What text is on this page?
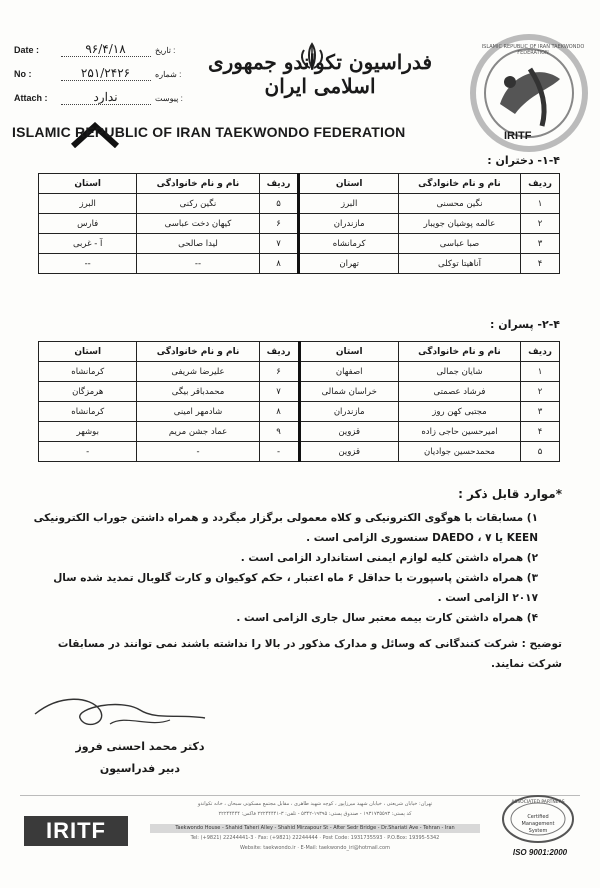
Date :	۹۶/۴/۱۸	تاریخ :
No :	۲۵۱/۲۴۲۶	شماره :
Attach :	ندارد	پیوست :
فدراسیون تکواندو جمهوری اسلامی ایران
IRITF
ISLAMIC REPUBLIC OF IRAN TAEKWONDO FEDERATION
ISLAMIC REPUBLIC OF IRAN TAEKWONDO FEDERATION
۱-۴- دختران :
ردیف	نام و نام خانوادگی	استان	ردیف	نام و نام خانوادگی	استان
۱	نگین محسنی	البرز	۵	نگین رکنی	البرز
۲	عالمه پوشیان جویبار	مازندران	۶	کیهان دخت عباسی	فارس
۳	صبا عباسی	کرمانشاه	۷	لیدا صالحی	آ - غربی
۴	آناهیتا توکلی	تهران	۸	--	--
۲-۴- پسران :
ردیف	نام و نام خانوادگی	استان	ردیف	نام و نام خانوادگی	استان
۱	شایان جمالی	اصفهان	۶	علیرضا شریفی	کرمانشاه
۲	فرشاد عصمتی	خراسان شمالی	۷	محمدباقر بیگی	هرمزگان
۳	مجتبی کهن روز	مازندران	۸	شادمهر امینی	کرمانشاه
۴	امیرحسین حاجی زاده	قزوین	۹	عماد جشن مریم	بوشهر
۵	محمدحسین جوادیان	قزوین	-	-	-

*موارد قابل ذکر :

۱) مسابقات با هوگوی الکترونیکی و کلاه معمولی برگزار میگردد و همراه داشتن جوراب الکترونیکی KEEN یا DAEDO ، ۷ سنسوری الزامی است .

۲) همراه داشتن کلیه لوازم ایمنی استاندارد الزامی است .

۳) همراه داشتن پاسپورت با حداقل ۶ ماه اعتبار ، حکم کوکیوان و کارت گلوبال تمدید شده سال ۲۰۱۷ الزامی است .

۴) همراه داشتن کارت بیمه معتبر سال جاری الزامی است .

توضیح : شرکت کنندگانی که وسائل و مدارک مذکور در بالا را نداشته باشند نمی توانند در مسابقات شرکت نمایند.

دکتر محمد احسنی فروز
دبیر فدراسیون
IRITF
تهران: خیابان شریعتی ، خیابان شهید میرزاپور ، کوچه شهید طاهری ، مقابل مجتمع مسکونی سبحان ، خانه تکواندو
کد پستی: ۱۹۳۱۷۳۵۵۹۳ - صندوق پستی: ۱۹۳۹۵-۵۳۴۲ - تلفن: ۳-۲۲۲۴۴۴۴۱ فاکس: ۲۲۲۴۴۴۴۴
Taekwondo House - Shahid Taheri Alley - Shahid Mirzapour St - After Sedr Bridge - Dr.Shariati Ave - Tehran - Iran
Tel: (+9821) 22244441-3 · Fax: (+9821) 22244444 · Post Code: 1931735593 · P.O.Box: 19395-5342
Website: taekwondo.ir · E-Mail: taekwondo_iri@hotmail.com
ASSOCIATED PARTNERS
Certified Management System
ISO 9001:2000
